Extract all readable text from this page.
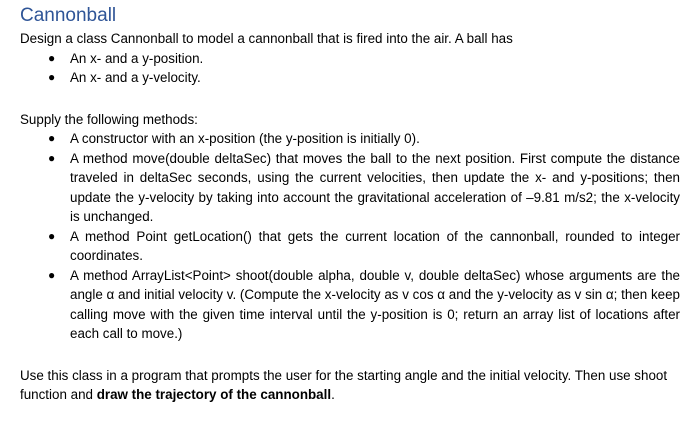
Cannonball

Design a class Cannonball to model a cannonball that is fired into the air. A ball has

● An x- and a y-position.
● An x- and a y-velocity.

Supply the following methods:

● A constructor with an x-position (the y-position is initially 0).
● A method move(double deltaSec) that moves the ball to the next position. First compute the distance traveled in deltaSec seconds, using the current velocities, then update the x- and y-positions; then update the y-velocity by taking into account the gravitational acceleration of –9.81 m/s2; the x-velocity is unchanged.
● A method Point getLocation() that gets the current location of the cannonball, rounded to integer coordinates.
● A method ArrayList<Point> shoot(double alpha, double v, double deltaSec) whose arguments are the angle α and initial velocity v. (Compute the x-velocity as v cos α and the y-velocity as v sin α; then keep calling move with the given time interval until the y-position is 0; return an array list of locations after each call to move.)

Use this class in a program that prompts the user for the starting angle and the initial velocity. Then use shoot function and draw the trajectory of the cannonball.
